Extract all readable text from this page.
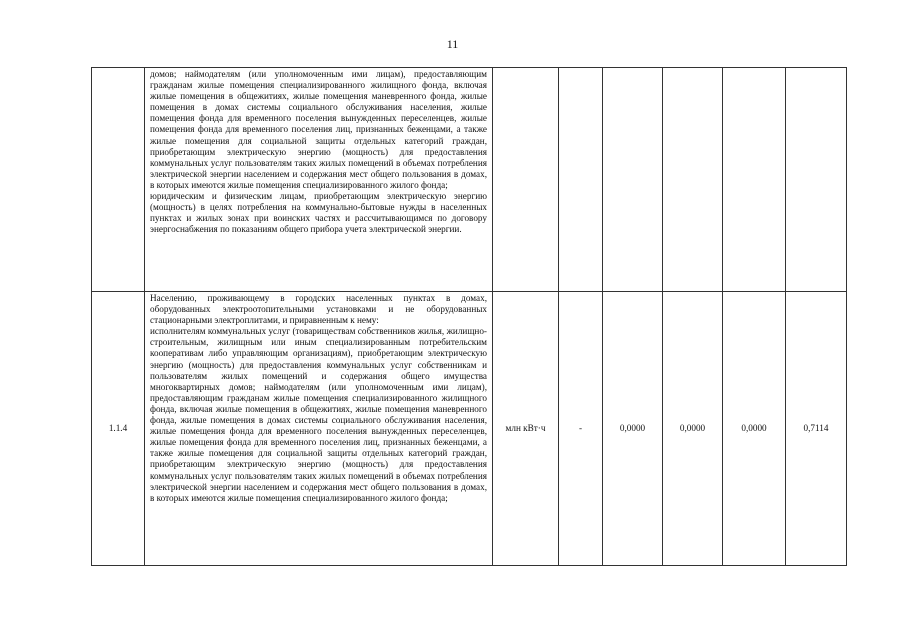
11

	домов; наймодателям (или уполномоченным ими лицам), предоставляющим гражданам жилые помещения специализированного жилищного фонда, включая жилые помещения в общежитиях, жилые помещения маневренного фонда, жилые помещения в домах системы социального обслуживания населения, жилые помещения фонда для временного поселения вынужденных переселенцев, жилые помещения фонда для временного поселения лиц, признанных беженцами, а также жилые помещения для социальной защиты отдельных категорий граждан, приобретающим электрическую энергию (мощность) для предоставления коммунальных услуг пользователям таких жилых помещений в объемах потребления электрической энергии населением и содержания мест общего пользования в домах, в которых имеются жилые помещения специализированного жилого фонда;

юридическим и физическим лицам, приобретающим электрическую энергию (мощность) в целях потребления на коммунально-бытовые нужды в населенных пунктах и жилых зонах при воинских частях и рассчитывающимся по договору энергоснабжения по показаниям общего прибора учета электрической энергии.						

1.1.4	Населению, проживающему в городских населенных пунктах в домах, оборудованных электроотопительными установками и не оборудованных стационарными электроплитами, и приравненным к нему:

исполнителям коммунальных услуг (товариществам собственников жилья, жилищно-строительным, жилищным или иным специализированным потребительским кооперативам либо управляющим организациям), приобретающим электрическую энергию (мощность) для предоставления коммунальных услуг собственникам и пользователям жилых помещений и содержания общего имущества многоквартирных домов; наймодателям (или уполномоченным ими лицам), предоставляющим гражданам жилые помещения специализированного жилищного фонда, включая жилые помещения в общежитиях, жилые помещения маневренного фонда, жилые помещения в домах системы социального обслуживания населения, жилые помещения фонда для временного поселения вынужденных переселенцев, жилые помещения фонда для временного поселения лиц, признанных беженцами, а также жилые помещения для социальной защиты отдельных категорий граждан, приобретающим электрическую энергию (мощность) для предоставления коммунальных услуг пользователям таких жилых помещений в объемах потребления электрической энергии населением и содержания мест общего пользования в домах, в которых имеются жилые помещения специализированного жилого фонда;	млн кВт·ч	-	0,0000	0,0000	0,0000	0,7114
